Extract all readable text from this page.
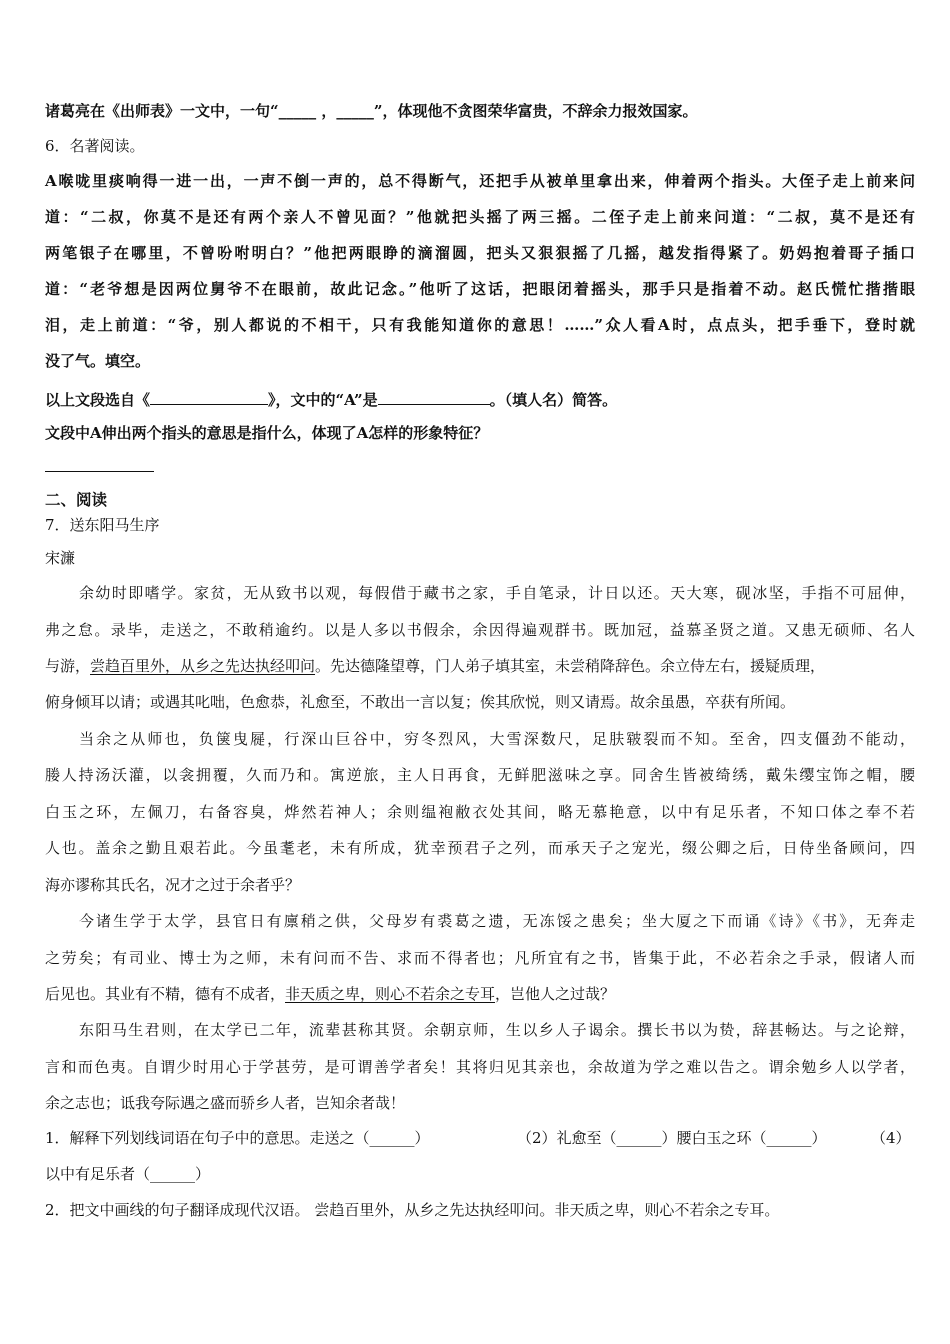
诸葛亮在《出师表》一文中，一句“_____ ，_____”，体现他不贪图荣华富贵，不辞余力报效国家。
6．名著阅读。
A喉咙里痰响得一进一出，一声不倒一声的，总不得断气，还把手从被单里拿出来，伸着两个指头。大侄子走上前来问
道：“二叔，你莫不是还有两个亲人不曾见面？”他就把头摇了两三摇。二侄子走上前来问道：“二叔，莫不是还有
两笔银子在哪里，不曾吩咐明白？”他把两眼睁的滴溜圆，把头又狠狠摇了几摇，越发指得紧了。奶妈抱着哥子插口
道：“老爷想是因两位舅爷不在眼前，故此记念。”他听了这话，把眼闭着摇头，那手只是指着不动。赵氏慌忙揩揩眼
泪，走上前道：“爷，别人都说的不相干，只有我能知道你的意思！……”众人看A时，点点头，把手垂下，登时就
没了气。填空。
以上文段选自《	》，文中的“A”是	。（填人名）简答。
文段中A伸出两个指头的意思是指什么，体现了A怎样的形象特征？
二、阅读
7．送东阳马生序
宋濂
余幼时即嗜学。家贫，无从致书以观，每假借于藏书之家，手自笔录，计日以还。天大寒，砚冰坚，手指不可屈伸，
弗之怠。录毕，走送之，不敢稍逾约。以是人多以书假余，余因得遍观群书。既加冠，益慕圣贤之道。又患无硕师、名人
与游，尝趋百里外，从乡之先达执经叩问。先达德隆望尊，门人弟子填其室，未尝稍降辞色。余立侍左右，援疑质理，
俯身倾耳以请；或遇其叱咄，色愈恭，礼愈至，不敢出一言以复；俟其欣悦，则又请焉。故余虽愚，卒获有所闻。
当余之从师也，负箧曳屣，行深山巨谷中，穷冬烈风，大雪深数尺，足肤皲裂而不知。至舍，四支僵劲不能动，
媵人持汤沃灌，以衾拥覆，久而乃和。寓逆旅，主人日再食，无鲜肥滋味之享。同舍生皆被绮绣，戴朱缨宝饰之帽，腰
白玉之环，左佩刀，右备容臭，烨然若神人；余则缊袍敝衣处其间，略无慕艳意，以中有足乐者，不知口体之奉不若
人也。盖余之勤且艰若此。今虽耄老，未有所成，犹幸预君子之列，而承天子之宠光，缀公卿之后，日侍坐备顾问，四
海亦谬称其氏名，况才之过于余者乎？
今诸生学于太学，县官日有廪稍之供，父母岁有裘葛之遗，无冻馁之患矣；坐大厦之下而诵《诗》《书》，无奔走
之劳矣；有司业、博士为之师，未有问而不告、求而不得者也；凡所宜有之书，皆集于此，不必若余之手录，假诸人而
后见也。其业有不精，德有不成者，非天质之卑，则心不若余之专耳，岂他人之过哉？
东阳马生君则，在太学已二年，流辈甚称其贤。余朝京师，生以乡人子谒余。撰长书以为贽，辞甚畅达。与之论辩，
言和而色夷。自谓少时用心于学甚劳，是可谓善学者矣！其将归见其亲也，余故道为学之难以告之。谓余勉乡人以学者，
余之志也；诋我夸际遇之盛而骄乡人者，岂知余者哉！
1．解释下列划线词语在句子中的意思。走送之（______）	（2）礼愈至（______）腰白玉之环（______）	（4）
以中有足乐者（______）
2．把文中画线的句子翻译成现代汉语。 尝趋百里外，从乡之先达执经叩问。非天质之卑，则心不若余之专耳。
